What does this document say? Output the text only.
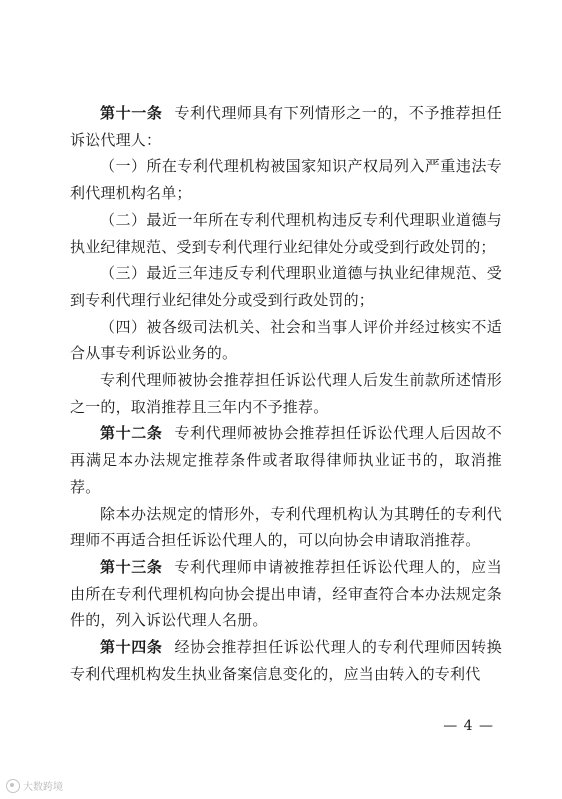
第十一条 专利代理师具有下列情形之一的，不予推荐担任诉讼代理人：

（一）所在专利代理机构被国家知识产权局列入严重违法专利代理机构名单；

（二）最近一年所在专利代理机构违反专利代理职业道德与执业纪律规范、受到专利代理行业纪律处分或受到行政处罚的；

（三）最近三年违反专利代理职业道德与执业纪律规范、受到专利代理行业纪律处分或受到行政处罚的；

（四）被各级司法机关、社会和当事人评价并经过核实不适合从事专利诉讼业务的。

专利代理师被协会推荐担任诉讼代理人后发生前款所述情形之一的，取消推荐且三年内不予推荐。

第十二条 专利代理师被协会推荐担任诉讼代理人后因故不再满足本办法规定推荐条件或者取得律师执业证书的，取消推荐。

除本办法规定的情形外，专利代理机构认为其聘任的专利代理师不再适合担任诉讼代理人的，可以向协会申请取消推荐。

第十三条 专利代理师申请被推荐担任诉讼代理人的，应当由所在专利代理机构向协会提出申请，经审查符合本办法规定条件的，列入诉讼代理人名册。

第十四条 经协会推荐担任诉讼代理人的专利代理师因转换专利代理机构发生执业备案信息变化的，应当由转入的专利代

— 4 —
大数跨境
